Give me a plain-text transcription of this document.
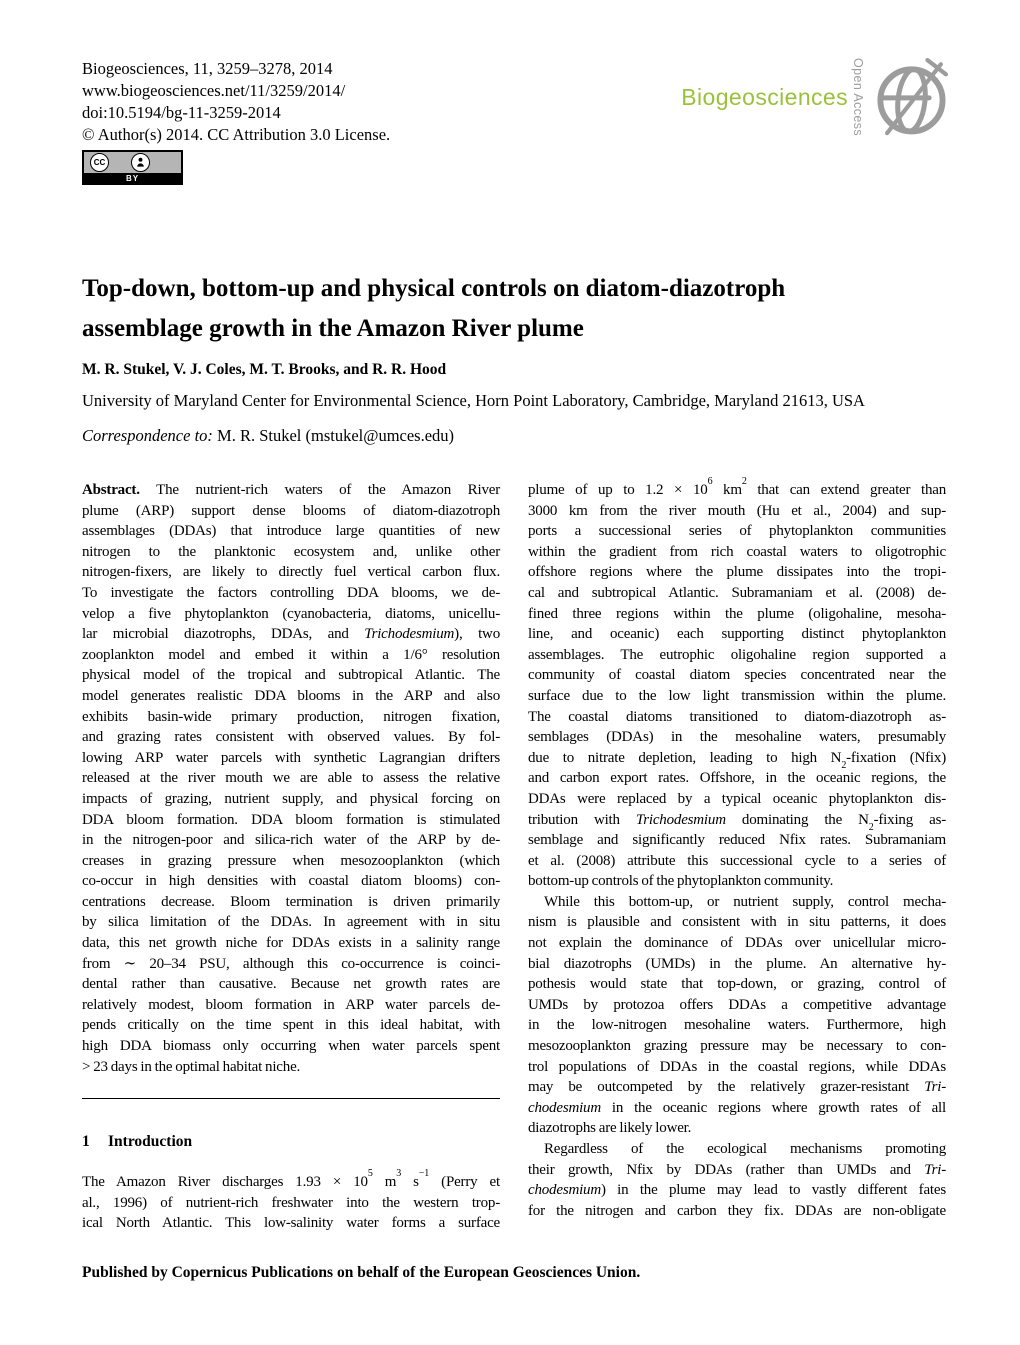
Biogeosciences, 11, 3259–3278, 2014
www.biogeosciences.net/11/3259/2014/
doi:10.5194/bg-11-3259-2014
© Author(s) 2014. CC Attribution 3.0 License.
CC
BY
Biogeosciences Open Access
Top-down, bottom-up and physical controls on diatom-diazotroph
assemblage growth in the Amazon River plume
M. R. Stukel, V. J. Coles, M. T. Brooks, and R. R. Hood
University of Maryland Center for Environmental Science, Horn Point Laboratory, Cambridge, Maryland 21613, USA
Correspondence to: M. R. Stukel (mstukel@umces.edu)
Abstract. The nutrient-rich waters of the Amazon River
plume (ARP) support dense blooms of diatom-diazotroph
assemblages (DDAs) that introduce large quantities of new
nitrogen to the planktonic ecosystem and, unlike other
nitrogen-fixers, are likely to directly fuel vertical carbon flux.
To investigate the factors controlling DDA blooms, we de-
velop a five phytoplankton (cyanobacteria, diatoms, unicellu-
lar microbial diazotrophs, DDAs, and Trichodesmium), two
zooplankton model and embed it within a 1/6° resolution
physical model of the tropical and subtropical Atlantic. The
model generates realistic DDA blooms in the ARP and also
exhibits basin-wide primary production, nitrogen fixation,
and grazing rates consistent with observed values. By fol-
lowing ARP water parcels with synthetic Lagrangian drifters
released at the river mouth we are able to assess the relative
impacts of grazing, nutrient supply, and physical forcing on
DDA bloom formation. DDA bloom formation is stimulated
in the nitrogen-poor and silica-rich water of the ARP by de-
creases in grazing pressure when mesozooplankton (which
co-occur in high densities with coastal diatom blooms) con-
centrations decrease. Bloom termination is driven primarily
by silica limitation of the DDAs. In agreement with in situ
data, this net growth niche for DDAs exists in a salinity range
from ∼ 20–34 PSU, although this co-occurrence is coinci-
dental rather than causative. Because net growth rates are
relatively modest, bloom formation in ARP water parcels de-
pends critically on the time spent in this ideal habitat, with
high DDA biomass only occurring when water parcels spent
> 23 days in the optimal habitat niche.
1 Introduction
The Amazon River discharges $1.93 \times 10^5$ $m^3$ $s^{-1}$ (Perry et
al., 1996) of nutrient-rich freshwater into the western trop-
ical North Atlantic. This low-salinity water forms a surface
plume of up to $1.2 \times 10^6$ $km^2$ that can extend greater than
3000 km from the river mouth (Hu et al., 2004) and sup-
ports a successional series of phytoplankton communities
within the gradient from rich coastal waters to oligotrophic
offshore regions where the plume dissipates into the tropi-
cal and subtropical Atlantic. Subramaniam et al. (2008) de-
fined three regions within the plume (oligohaline, mesoha-
line, and oceanic) each supporting distinct phytoplankton
assemblages. The eutrophic oligohaline region supported a
community of coastal diatom species concentrated near the
surface due to the low light transmission within the plume.
The coastal diatoms transitioned to diatom-diazotroph as-
semblages (DDAs) in the mesohaline waters, presumably
due to nitrate depletion, leading to high $N_2$-fixation (Nfix)
and carbon export rates. Offshore, in the oceanic regions, the
DDAs were replaced by a typical oceanic phytoplankton dis-
tribution with Trichodesmium dominating the $N_2$-fixing as-
semblage and significantly reduced Nfix rates. Subramaniam
et al. (2008) attribute this successional cycle to a series of
bottom-up controls of the phytoplankton community.
While this bottom-up, or nutrient supply, control mecha-
nism is plausible and consistent with in situ patterns, it does
not explain the dominance of DDAs over unicellular micro-
bial diazotrophs (UMDs) in the plume. An alternative hy-
pothesis would state that top-down, or grazing, control of
UMDs by protozoa offers DDAs a competitive advantage
in the low-nitrogen mesohaline waters. Furthermore, high
mesozooplankton grazing pressure may be necessary to con-
trol populations of DDAs in the coastal regions, while DDAs
may be outcompeted by the relatively grazer-resistant Tri-
chodesmium in the oceanic regions where growth rates of all
diazotrophs are likely lower.
Regardless of the ecological mechanisms promoting
their growth, Nfix by DDAs (rather than UMDs and Tri-
chodesmium) in the plume may lead to vastly different fates
for the nitrogen and carbon they fix. DDAs are non-obligate
Published by Copernicus Publications on behalf of the European Geosciences Union.
